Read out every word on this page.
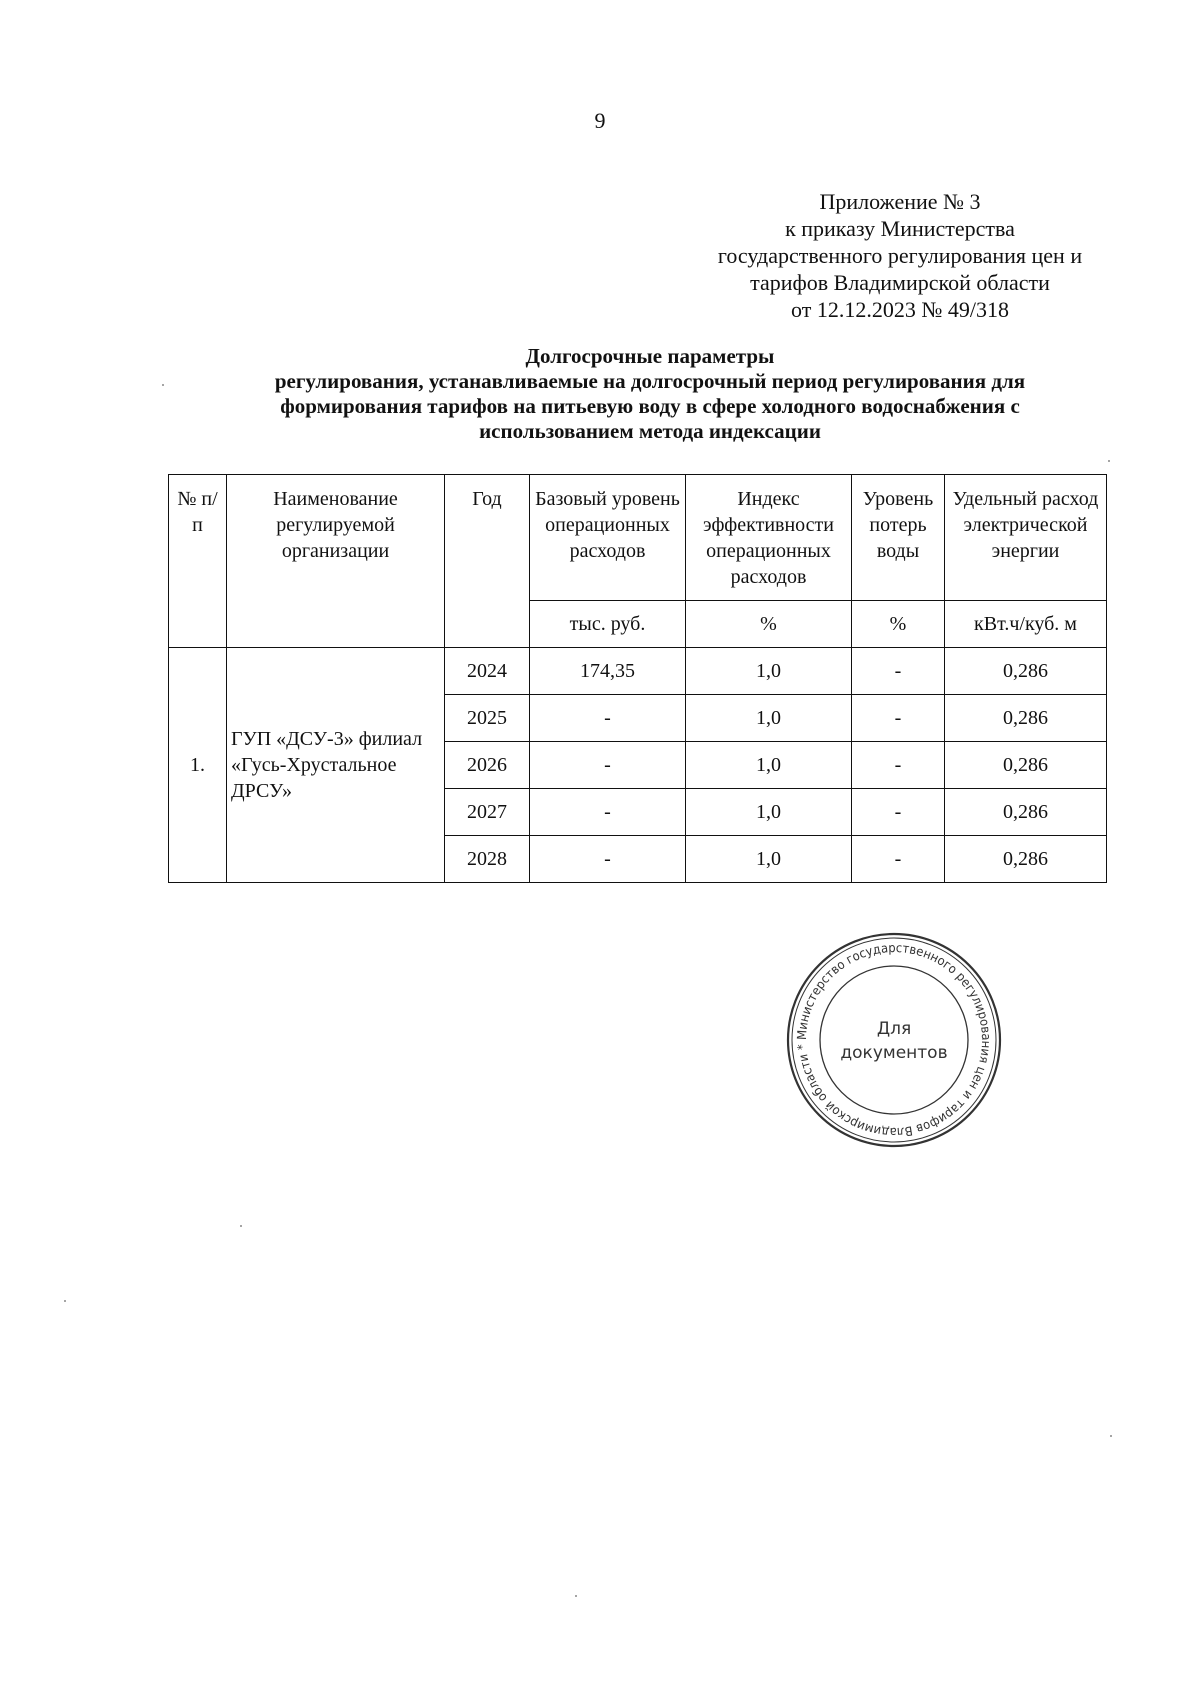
9
Приложение № 3
к приказу Министерства
государственного регулирования цен и
тарифов Владимирской области
от 12.12.2023 № 49/318
Долгосрочные параметры
регулирования, устанавливаемые на долгосрочный период регулирования для
формирования тарифов на питьевую воду в сфере холодного водоснабжения с
использованием метода индексации
№ п/п	Наименование регулируемой организации	Год	Базовый уровень операционных расходов	Индекс эффективности операционных расходов	Уровень потерь воды	Удельный расход электрической энергии
			тыс. руб.	%	%	кВт.ч/куб. м
1.	ГУП «ДСУ-3» филиал «Гусь-Хрустальное ДРСУ»	2024	174,35	1,0	-	0,286
		2025	-	1,0	-	0,286
		2026	-	1,0	-	0,286
		2027	-	1,0	-	0,286
		2028	-	1,0	-	0,286
Министерство государственного регулирования цен и тарифов Владимирской области *
Для
документов
